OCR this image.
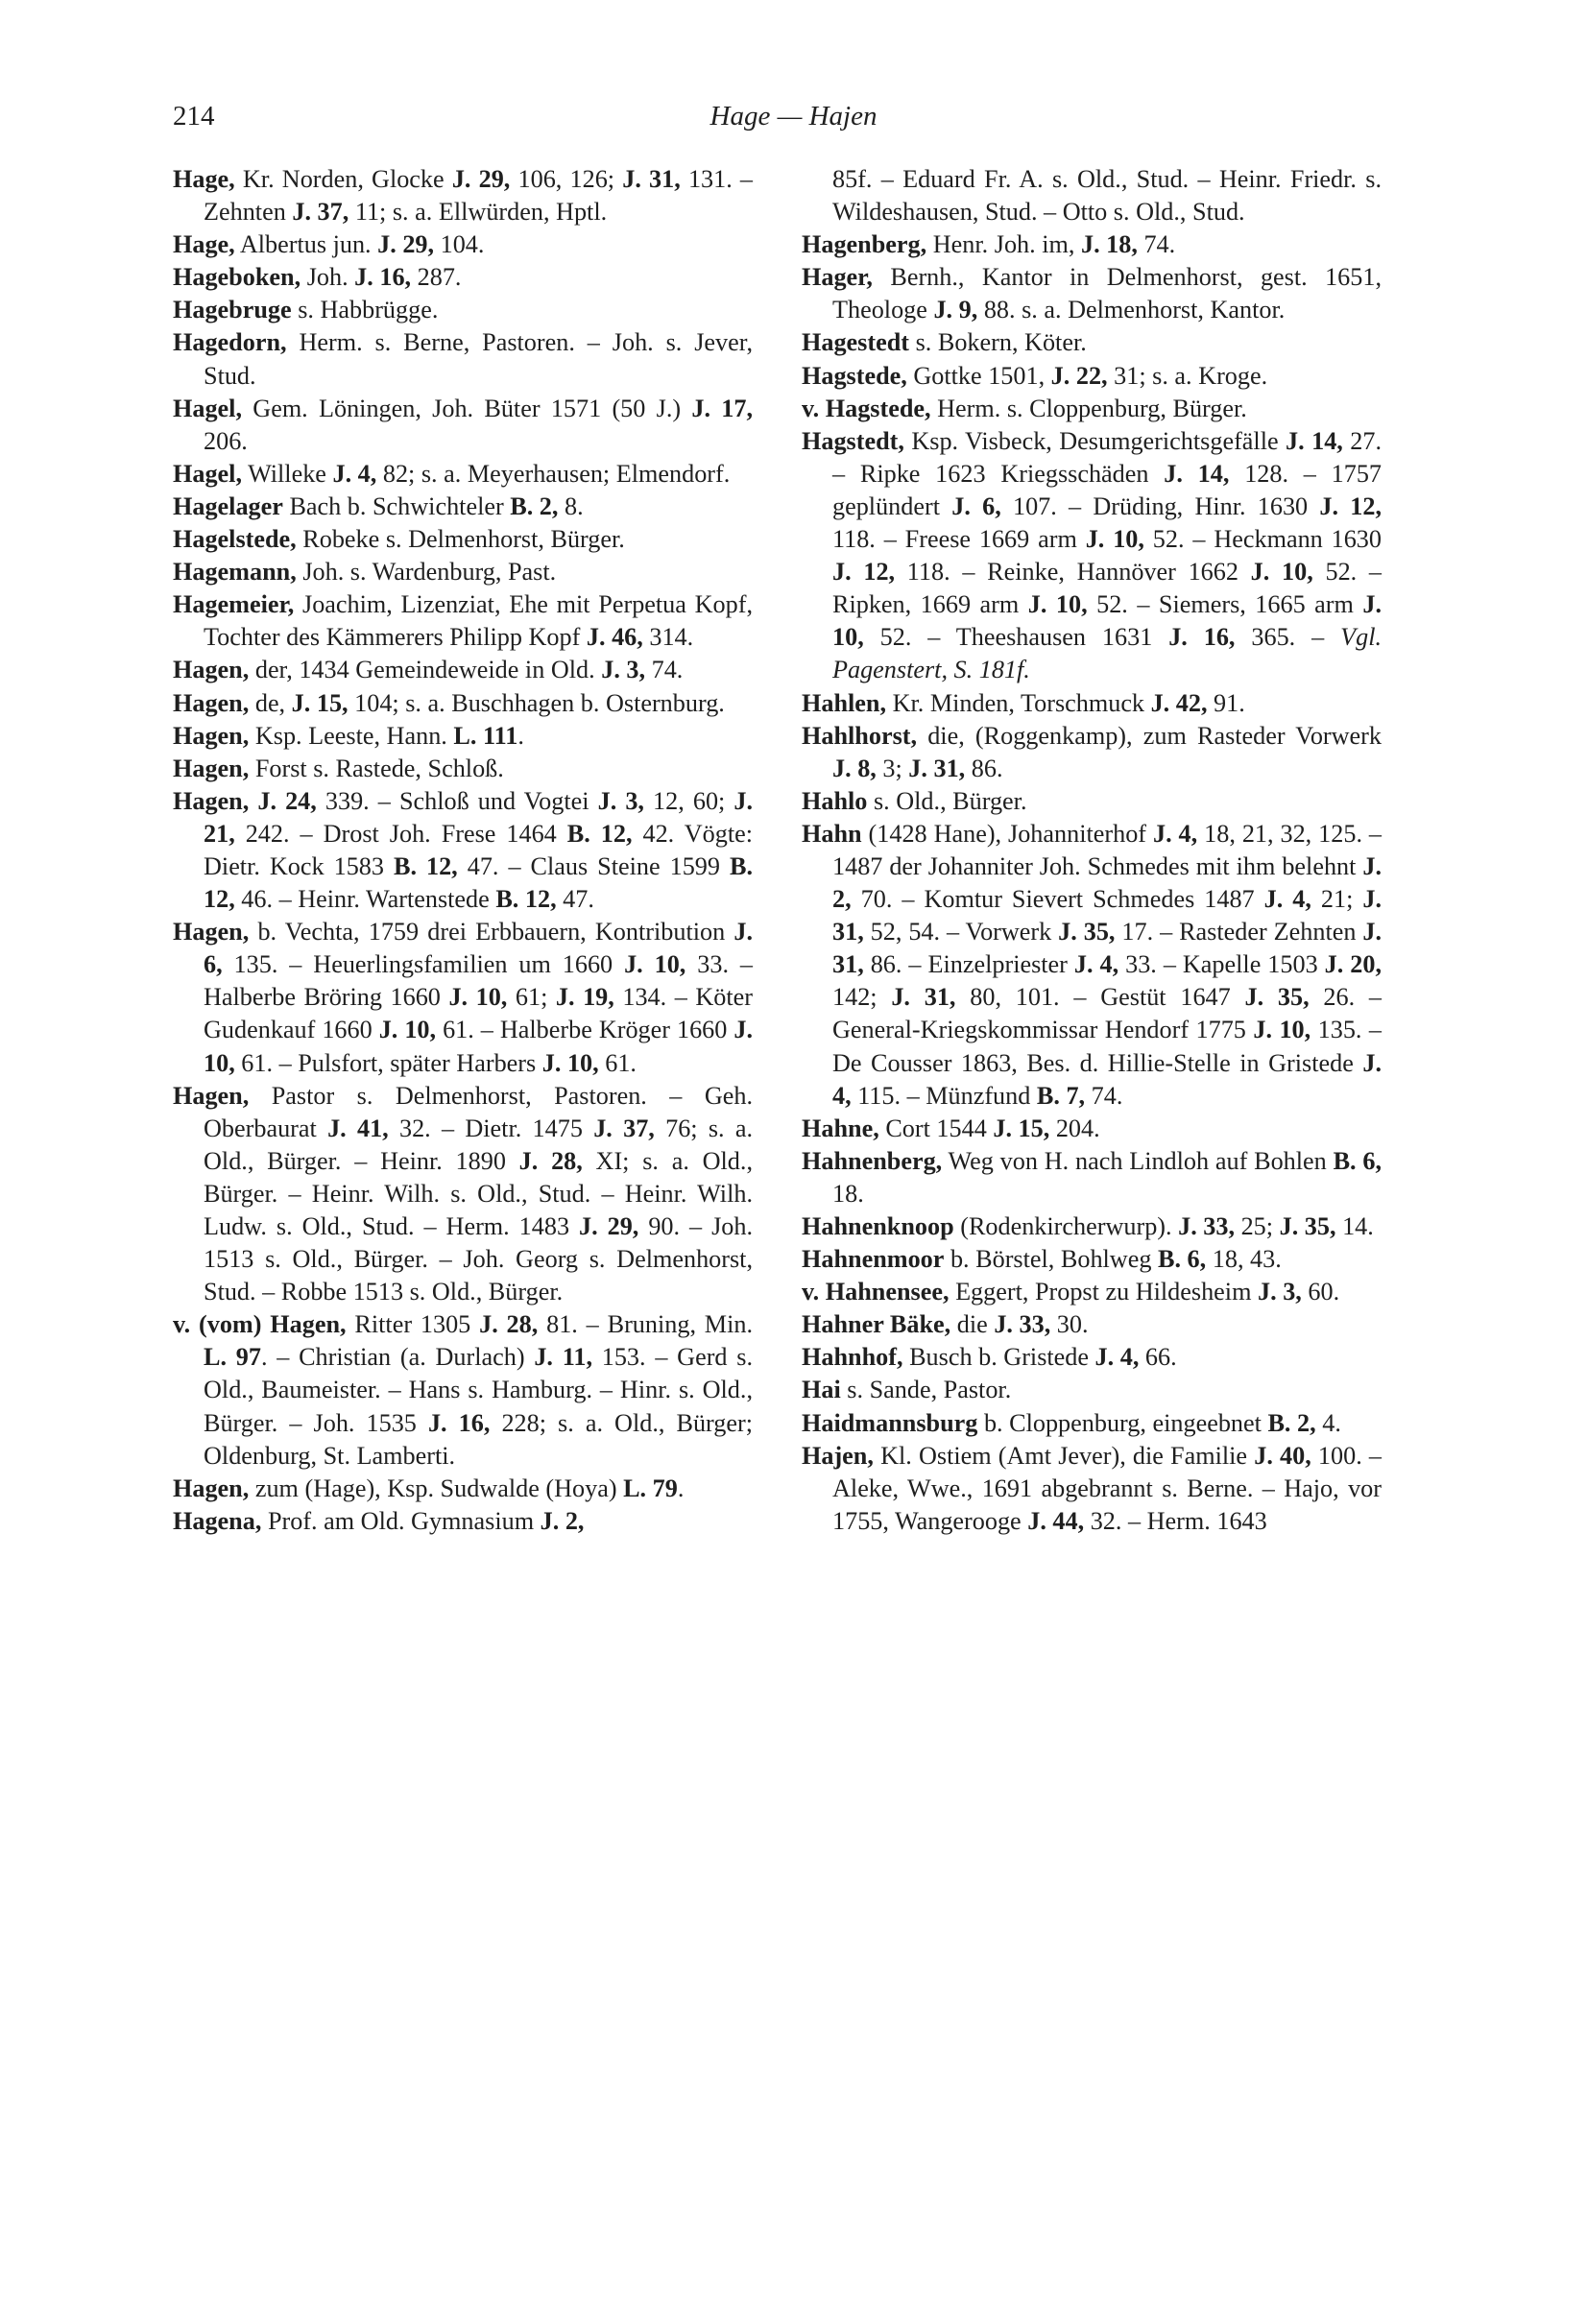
214	Hage — Hajen

Hage, Kr. Norden, Glocke J. 29, 106, 126; J. 31, 131. – Zehnten J. 37, 11; s. a. Ellwürden, Hptl.

Hage, Albertus jun. J. 29, 104.

Hageboken, Joh. J. 16, 287.

Hagebruge s. Habbrügge.

Hagedorn, Herm. s. Berne, Pastoren. – Joh. s. Jever, Stud.

Hagel, Gem. Löningen, Joh. Büter 1571 (50 J.) J. 17, 206.

Hagel, Willeke J. 4, 82; s. a. Meyerhausen; Elmendorf.

Hagelager Bach b. Schwichteler B. 2, 8.

Hagelstede, Robeke s. Delmenhorst, Bürger.

Hagemann, Joh. s. Wardenburg, Past.

Hagemeier, Joachim, Lizenziat, Ehe mit Perpetua Kopf, Tochter des Kämmerers Philipp Kopf J. 46, 314.

Hagen, der, 1434 Gemeindeweide in Old. J. 3, 74.

Hagen, de, J. 15, 104; s. a. Buschhagen b. Osternburg.

Hagen, Ksp. Leeste, Hann. L. 111.

Hagen, Forst s. Rastede, Schloß.

Hagen, J. 24, 339. – Schloß und Vogtei J. 3, 12, 60; J. 21, 242. – Drost Joh. Frese 1464 B. 12, 42. Vögte: Dietr. Kock 1583 B. 12, 47. – Claus Steine 1599 B. 12, 46. – Heinr. Wartenstede B. 12, 47.

Hagen, b. Vechta, 1759 drei Erbbauern, Kontribution J. 6, 135. – Heuerlingsfamilien um 1660 J. 10, 33. – Halberbe Bröring 1660 J. 10, 61; J. 19, 134. – Köter Gudenkauf 1660 J. 10, 61. – Halberbe Kröger 1660 J. 10, 61. – Pulsfort, später Harbers J. 10, 61.

Hagen, Pastor s. Delmenhorst, Pastoren. – Geh. Oberbaurat J. 41, 32. – Dietr. 1475 J. 37, 76; s. a. Old., Bürger. – Heinr. 1890 J. 28, XI; s. a. Old., Bürger. – Heinr. Wilh. s. Old., Stud. – Heinr. Wilh. Ludw. s. Old., Stud. – Herm. 1483 J. 29, 90. – Joh. 1513 s. Old., Bürger. – Joh. Georg s. Delmenhorst, Stud. – Robbe 1513 s. Old., Bürger.

v. (vom) Hagen, Ritter 1305 J. 28, 81. – Bruning, Min. L. 97. – Christian (a. Durlach) J. 11, 153. – Gerd s. Old., Baumeister. – Hans s. Hamburg. – Hinr. s. Old., Bürger. – Joh. 1535 J. 16, 228; s. a. Old., Bürger; Oldenburg, St. Lamberti.

Hagen, zum (Hage), Ksp. Sudwalde (Hoya) L. 79.

Hagena, Prof. am Old. Gymnasium J. 2,

85f. – Eduard Fr. A. s. Old., Stud. – Heinr. Friedr. s. Wildeshausen, Stud. – Otto s. Old., Stud.

Hagenberg, Henr. Joh. im, J. 18, 74.

Hager, Bernh., Kantor in Delmenhorst, gest. 1651, Theologe J. 9, 88. s. a. Delmenhorst, Kantor.

Hagestedt s. Bokern, Köter.

Hagstede, Gottke 1501, J. 22, 31; s. a. Kroge.

v. Hagstede, Herm. s. Cloppenburg, Bürger.

Hagstedt, Ksp. Visbeck, Desumgerichtsgefälle J. 14, 27. – Ripke 1623 Kriegsschäden J. 14, 128. – 1757 geplündert J. 6, 107. – Drüding, Hinr. 1630 J. 12, 118. – Freese 1669 arm J. 10, 52. – Heckmann 1630 J. 12, 118. – Reinke, Hannöver 1662 J. 10, 52. – Ripken, 1669 arm J. 10, 52. – Siemers, 1665 arm J. 10, 52. – Theeshausen 1631 J. 16, 365. – Vgl. Pagenstert, S. 181f.

Hahlen, Kr. Minden, Torschmuck J. 42, 91.

Hahlhorst, die, (Roggenkamp), zum Rasteder Vorwerk J. 8, 3; J. 31, 86.

Hahlo s. Old., Bürger.

Hahn (1428 Hane), Johanniterhof J. 4, 18, 21, 32, 125. – 1487 der Johanniter Joh. Schmedes mit ihm belehnt J. 2, 70. – Komtur Sievert Schmedes 1487 J. 4, 21; J. 31, 52, 54. – Vorwerk J. 35, 17. – Rasteder Zehnten J. 31, 86. – Einzelpriester J. 4, 33. – Kapelle 1503 J. 20, 142; J. 31, 80, 101. – Gestüt 1647 J. 35, 26. – General-Kriegskommissar Hendorf 1775 J. 10, 135. – De Cousser 1863, Bes. d. Hillie-Stelle in Gristede J. 4, 115. – Münzfund B. 7, 74.

Hahne, Cort 1544 J. 15, 204.

Hahnenberg, Weg von H. nach Lindloh auf Bohlen B. 6, 18.

Hahnenknoop (Rodenkircherwurp). J. 33, 25; J. 35, 14.

Hahnenmoor b. Börstel, Bohlweg B. 6, 18, 43.

v. Hahnensee, Eggert, Propst zu Hildesheim J. 3, 60.

Hahner Bäke, die J. 33, 30.

Hahnhof, Busch b. Gristede J. 4, 66.

Hai s. Sande, Pastor.

Haidmannsburg b. Cloppenburg, eingeebnet B. 2, 4.

Hajen, Kl. Ostiem (Amt Jever), die Familie J. 40, 100. – Aleke, Wwe., 1691 abgebrannt s. Berne. – Hajo, vor 1755, Wangerooge J. 44, 32. – Herm. 1643
